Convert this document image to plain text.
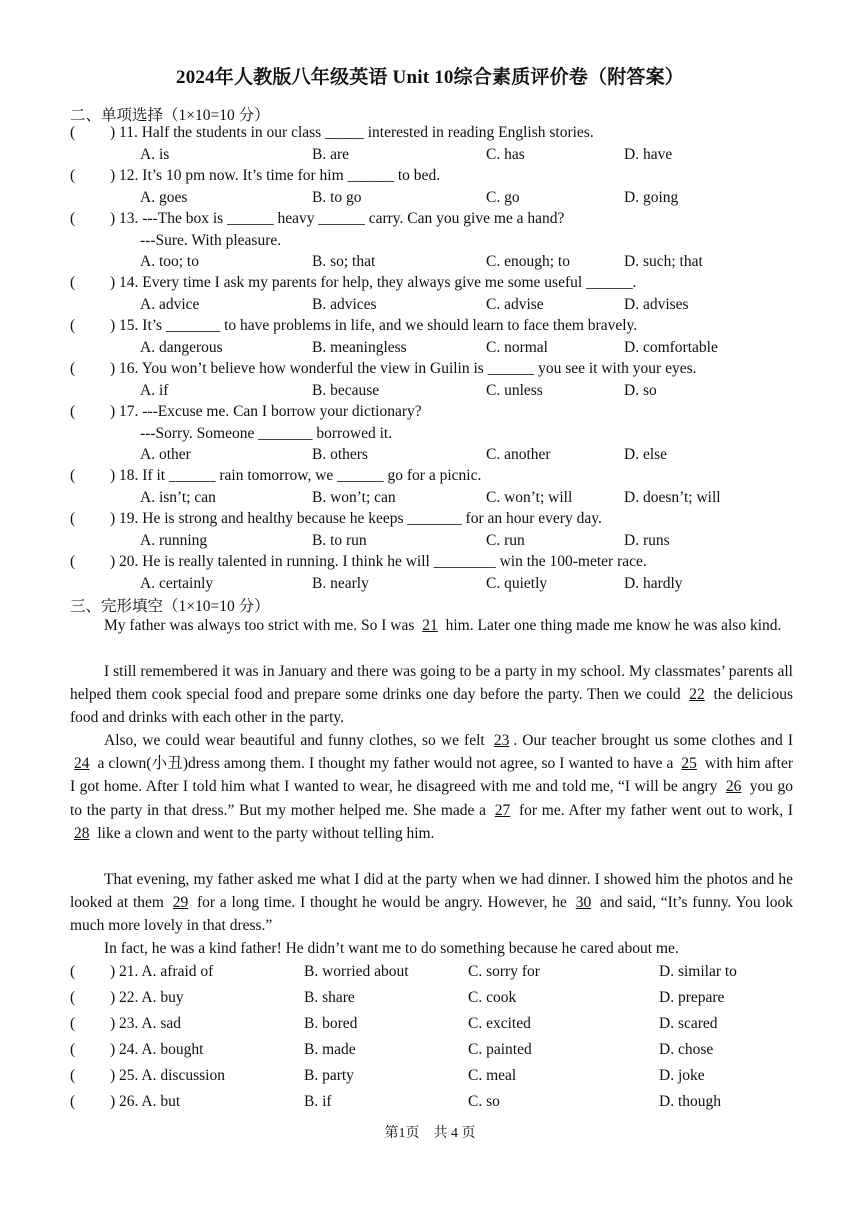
2024年人教版八年级英语 Unit 10综合素质评价卷（附答案）
二、单项选择（1×10=10 分）
( ) 11. Half the students in our class _____ interested in reading English stories.
A. is	B. are	C. has	D. have
( ) 12. It’s 10 pm now. It’s time for him ______ to bed.
A. goes	B. to go	C. go	D. going
( ) 13. ---The box is ______ heavy ______ carry. Can you give me a hand?
---Sure. With pleasure.
A. too; to	B. so; that	C. enough; to	D. such; that
( ) 14. Every time I ask my parents for help, they always give me some useful ______.
A. advice	B. advices	C. advise	D. advises
( ) 15. It’s _______ to have problems in life, and we should learn to face them bravely.
A. dangerous	B. meaningless	C. normal	D. comfortable
( ) 16. You won’t believe how wonderful the view in Guilin is ______ you see it with your eyes.
A. if	B. because	C. unless	D. so
( ) 17. ---Excuse me. Can I borrow your dictionary?
---Sorry. Someone _______ borrowed it.
A. other	B. others	C. another	D. else
( ) 18. If it ______ rain tomorrow, we ______ go for a picnic.
A. isn’t; can	B. won’t; can	C. won’t; will	D. doesn’t; will
( ) 19. He is strong and healthy because he keeps _______ for an hour every day.
A. running	B. to run	C. run	D. runs
( ) 20. He is really talented in running. I think he will ________ win the 100-meter race.
A. certainly	B. nearly	C. quietly	D. hardly
三、完形填空（1×10=10 分）
My father was always too strict with me. So I was 21 him. Later one thing made me know he was also kind.
I still remembered it was in January and there was going to be a party in my school. My classmates’ parents all helped them cook special food and prepare some drinks one day before the party. Then we could 22 the delicious food and drinks with each other in the party.
Also, we could wear beautiful and funny clothes, so we felt 23 . Our teacher brought us some clothes and I 24 a clown(小丑)dress among them. I thought my father would not agree, so I wanted to have a 25 with him after I got home. After I told him what I wanted to wear, he disagreed with me and told me, “I will be angry 26 you go to the party in that dress.” But my mother helped me. She made a 27 for me. After my father went out to work, I 28 like a clown and went to the party without telling him.
That evening, my father asked me what I did at the party when we had dinner. I showed him the photos and he looked at them 29 for a long time. I thought he would be angry. However, he 30 and said, “It’s funny. You look much more lovely in that dress.”
In fact, he was a kind father! He didn’t want me to do something because he cared about me.
( ) 21. A. afraid of	B. worried about	C. sorry for	D. similar to
( ) 22. A. buy	B. share	C. cook	D. prepare
( ) 23. A. sad	B. bored	C. excited	D. scared
( ) 24. A. bought	B. made	C. painted	D. chose
( ) 25. A. discussion	B. party	C. meal	D. joke
( ) 26. A. but	B. if	C. so	D. though
第1页　共 4 页
